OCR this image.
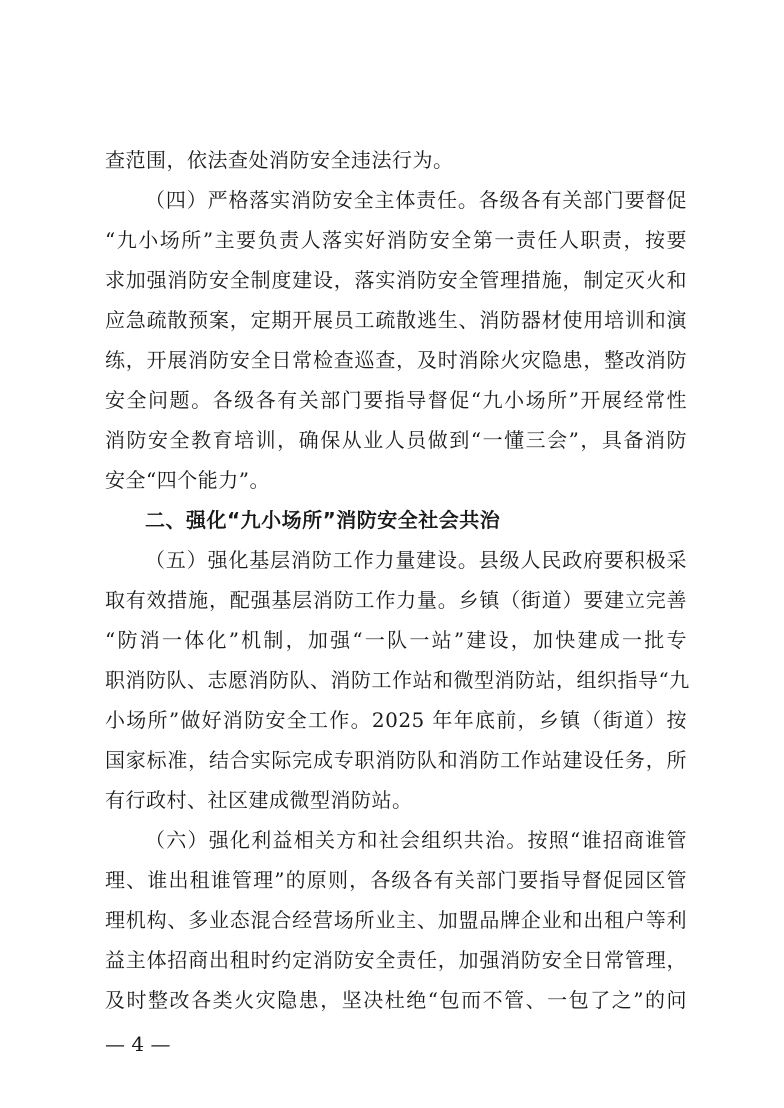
查范围，依法查处消防安全违法行为。
（四）严格落实消防安全主体责任。各级各有关部门要督促
“九小场所”主要负责人落实好消防安全第一责任人职责，按要
求加强消防安全制度建设，落实消防安全管理措施，制定灭火和
应急疏散预案，定期开展员工疏散逃生、消防器材使用培训和演
练，开展消防安全日常检查巡查，及时消除火灾隐患，整改消防
安全问题。各级各有关部门要指导督促“九小场所”开展经常性
消防安全教育培训，确保从业人员做到“一懂三会”，具备消防
安全“四个能力”。
二、强化“九小场所”消防安全社会共治
（五）强化基层消防工作力量建设。县级人民政府要积极采
取有效措施，配强基层消防工作力量。乡镇（街道）要建立完善
“防消一体化”机制，加强“一队一站”建设，加快建成一批专
职消防队、志愿消防队、消防工作站和微型消防站，组织指导“九
小场所”做好消防安全工作。2025 年年底前，乡镇（街道）按
国家标准，结合实际完成专职消防队和消防工作站建设任务，所
有行政村、社区建成微型消防站。
（六）强化利益相关方和社会组织共治。按照“谁招商谁管
理、谁出租谁管理”的原则，各级各有关部门要指导督促园区管
理机构、多业态混合经营场所业主、加盟品牌企业和出租户等利
益主体招商出租时约定消防安全责任，加强消防安全日常管理，
及时整改各类火灾隐患，坚决杜绝“包而不管、一包了之”的问
— 4 —
